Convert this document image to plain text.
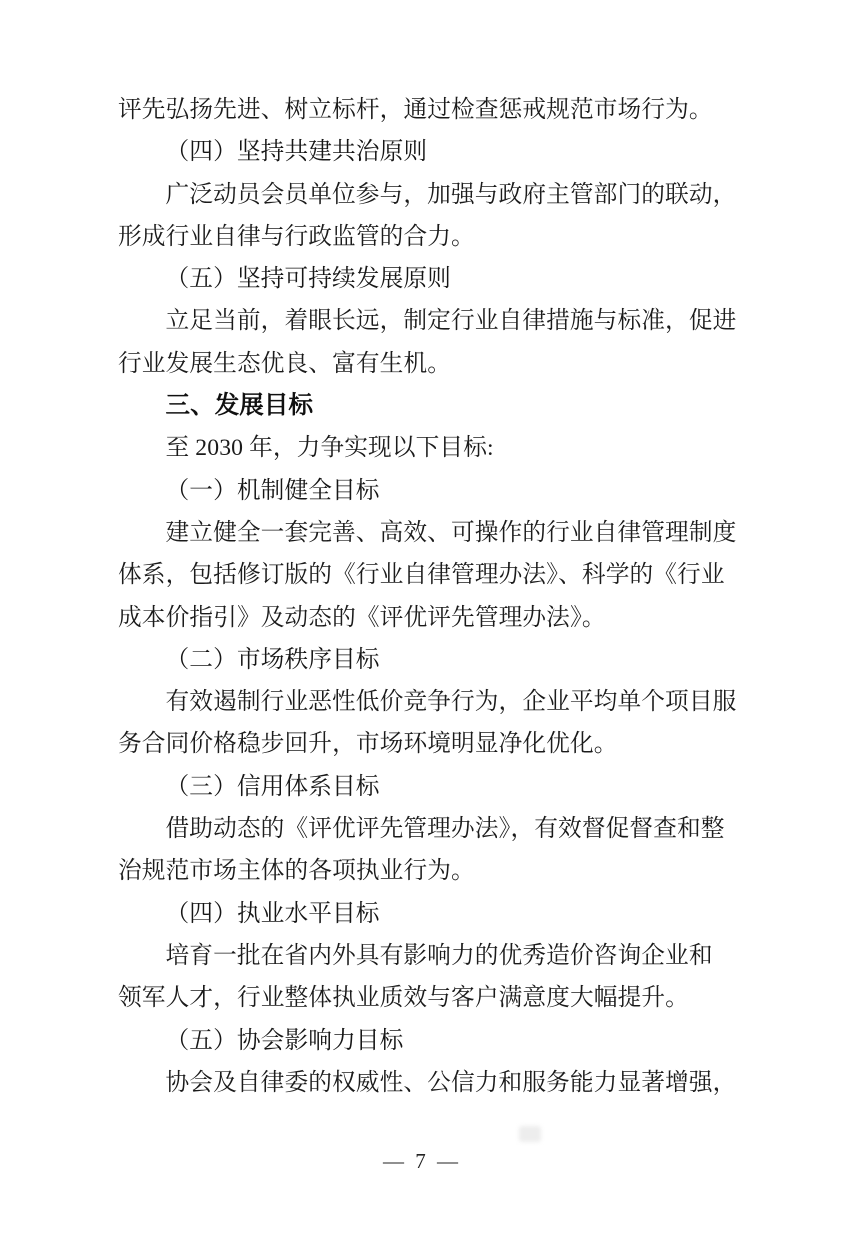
评先弘扬先进、树立标杆，通过检查惩戒规范市场行为。
（四）坚持共建共治原则
广泛动员会员单位参与，加强与政府主管部门的联动，
形成行业自律与行政监管的合力。
（五）坚持可持续发展原则
立足当前，着眼长远，制定行业自律措施与标准，促进
行业发展生态优良、富有生机。
三、发展目标
至 2030 年，力争实现以下目标:
（一）机制健全目标
建立健全一套完善、高效、可操作的行业自律管理制度
体系，包括修订版的《行业自律管理办法》、科学的《行业
成本价指引》及动态的《评优评先管理办法》。
（二）市场秩序目标
有效遏制行业恶性低价竞争行为，企业平均单个项目服
务合同价格稳步回升，市场环境明显净化优化。
（三）信用体系目标
借助动态的《评优评先管理办法》，有效督促督查和整
治规范市场主体的各项执业行为。
（四）执业水平目标
培育一批在省内外具有影响力的优秀造价咨询企业和
领军人才，行业整体执业质效与客户满意度大幅提升。
（五）协会影响力目标
协会及自律委的权威性、公信力和服务能力显著增强，
— 7 —
